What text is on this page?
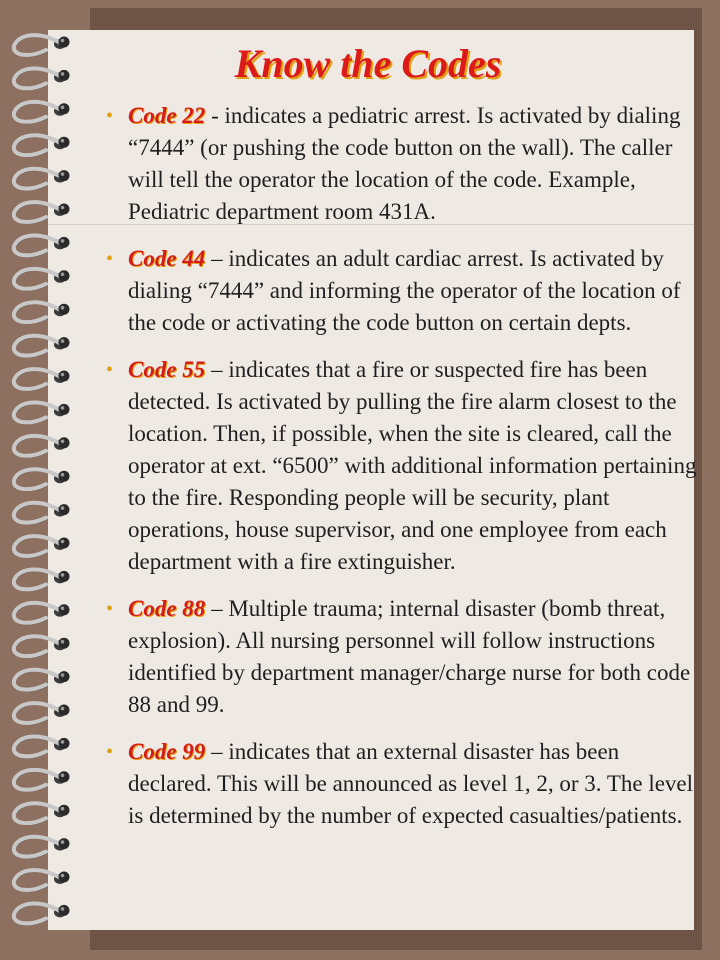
Know the Codes
• Code 22 - indicates a pediatric arrest. Is activated by dialing “7444” (or pushing the code button on the wall). The caller will tell the operator the location of the code. Example, Pediatric department room 431A.
• Code 44 – indicates an adult cardiac arrest. Is activated by dialing “7444” and informing the operator of the location of the code or activating the code button on certain depts.
• Code 55 – indicates that a fire or suspected fire has been detected. Is activated by pulling the fire alarm closest to the location. Then, if possible, when the site is cleared, call the operator at ext. “6500” with additional information pertaining to the fire. Responding people will be security, plant operations, house supervisor, and one employee from each department with a fire extinguisher.
• Code 88 – Multiple trauma; internal disaster (bomb threat, explosion). All nursing personnel will follow instructions identified by department manager/charge nurse for both code 88 and 99.
• Code 99 – indicates that an external disaster has been declared. This will be announced as level 1, 2, or 3. The level is determined by the number of expected casualties/patients.
